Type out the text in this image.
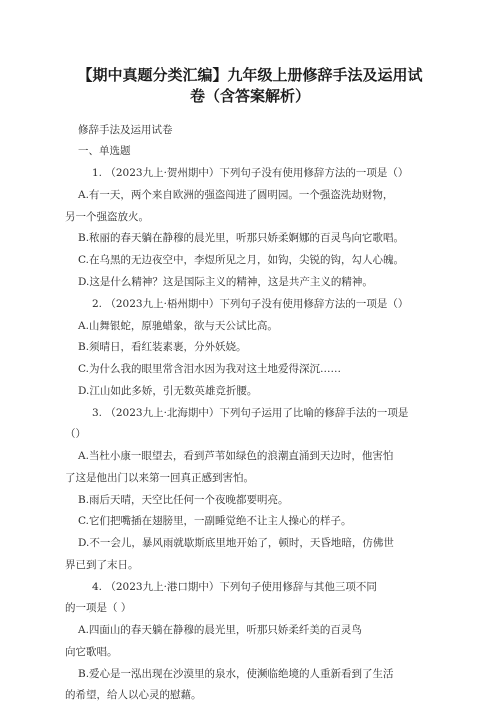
【期中真题分类汇编】九年级上册修辞手法及运用试
卷（含答案解析）
修辞手法及运用试卷
一、单选题
1. （2023九上·贺州期中）下列句子没有使用修辞方法的一项是（）
A.有一天，两个来自欧洲的强盗闯进了圆明园。一个强盗洗劫财物，
另一个强盗放火。
B.秾丽的春天躺在静穆的晨光里，听那只娇柔婀娜的百灵鸟向它歌唱。
C.在乌黑的无边夜空中，李煜所见之月，如钩，尖锐的钩，勾人心魄。
D.这是什么精神？这是国际主义的精神，这是共产主义的精神。
2. （2023九上·梧州期中）下列句子没有使用修辞方法的一项是（）
A.山舞银蛇，原驰蜡象，欲与天公试比高。
B.须晴日，看红装素裹，分外妖娆。
C.为什么我的眼里常含泪水因为我对这土地爱得深沉……
D.江山如此多娇，引无数英雄竞折腰。
3. （2023九上·北海期中）下列句子运用了比喻的修辞手法的一项是
（）
A.当杜小康一眼望去，看到芦苇如绿色的浪潮直涌到天边时，他害怕
了这是他出门以来第一回真正感到害怕。
B.雨后天晴，天空比任何一个夜晚都要明亮。
C.它们把嘴插在翅膀里，一副睡觉绝不让主人操心的样子。
D.不一会儿，暴风雨就歇斯底里地开始了，顿时，天昏地暗，仿佛世
界已到了末日。
4. （2023九上·港口期中）下列句子使用修辞与其他三项不同
的一项是（ ）
A.四面山的春天躺在静穆的晨光里，听那只娇柔纤美的百灵鸟
向它歌唱。
B.爱心是一泓出现在沙漠里的泉水，使濒临绝境的人重新看到了生活
的希望，给人以心灵的慰藉。
